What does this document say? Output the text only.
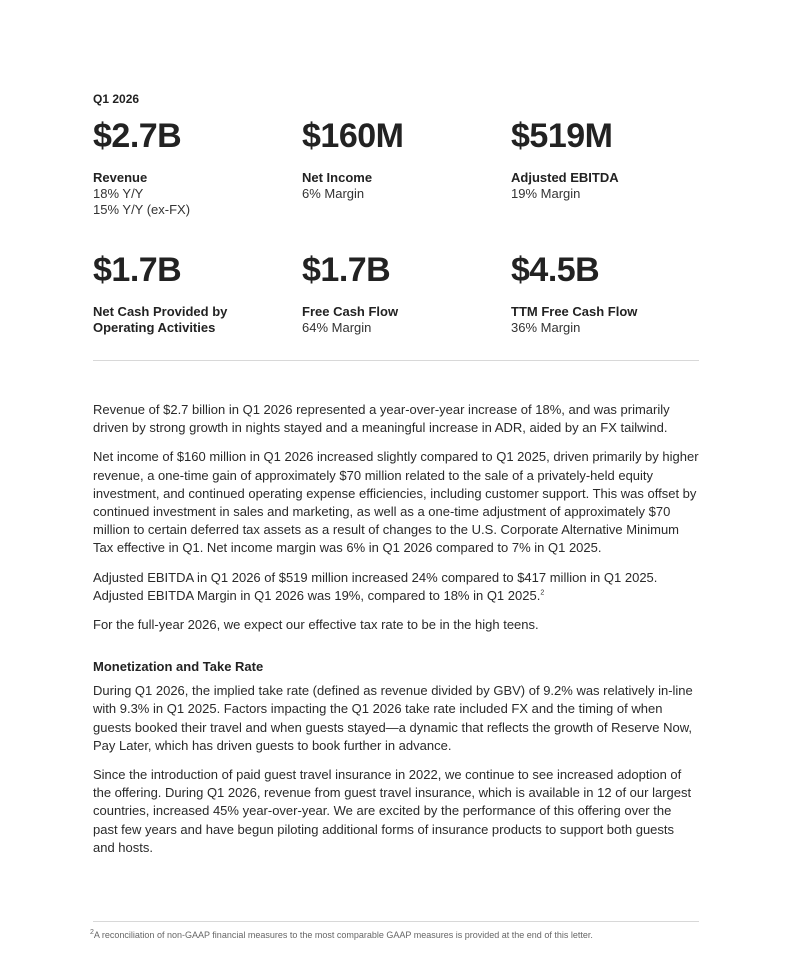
Q1 2026
$2.7B
Revenue
18% Y/Y
15% Y/Y (ex-FX)
$160M
Net Income
6% Margin
$519M
Adjusted EBITDA
19% Margin
$1.7B
Net Cash Provided by
Operating Activities
$1.7B
Free Cash Flow
64% Margin
$4.5B
TTM Free Cash Flow
36% Margin

Revenue of $2.7 billion in Q1 2026 represented a year-over-year increase of 18%, and was primarily driven by strong growth in nights stayed and a meaningful increase in ADR, aided by an FX tailwind.

Net income of $160 million in Q1 2026 increased slightly compared to Q1 2025, driven primarily by higher revenue, a one-time gain of approximately $70 million related to the sale of a privately-held equity investment, and continued operating expense efficiencies, including customer support. This was offset by continued investment in sales and marketing, as well as a one-time adjustment of approximately $70 million to certain deferred tax assets as a result of changes to the U.S. Corporate Alternative Minimum Tax effective in Q1. Net income margin was 6% in Q1 2026 compared to 7% in Q1 2025.

Adjusted EBITDA in Q1 2026 of $519 million increased 24% compared to $417 million in Q1 2025. Adjusted EBITDA Margin in Q1 2026 was 19%, compared to 18% in Q1 2025.$^2$

For the full-year 2026, we expect our effective tax rate to be in the high teens.

Monetization and Take Rate

During Q1 2026, the implied take rate (defined as revenue divided by GBV) of 9.2% was relatively in-line with 9.3% in Q1 2025. Factors impacting the Q1 2026 take rate included FX and the timing of when guests booked their travel and when guests stayed—a dynamic that reflects the growth of Reserve Now, Pay Later, which has driven guests to book further in advance.

Since the introduction of paid guest travel insurance in 2022, we continue to see increased adoption of the offering. During Q1 2026, revenue from guest travel insurance, which is available in 12 of our largest countries, increased 45% year-over-year. We are excited by the performance of this offering over the past few years and have begun piloting additional forms of insurance products to support both guests and hosts.

$^2$A reconciliation of non-GAAP financial measures to the most comparable GAAP measures is provided at the end of this letter.
